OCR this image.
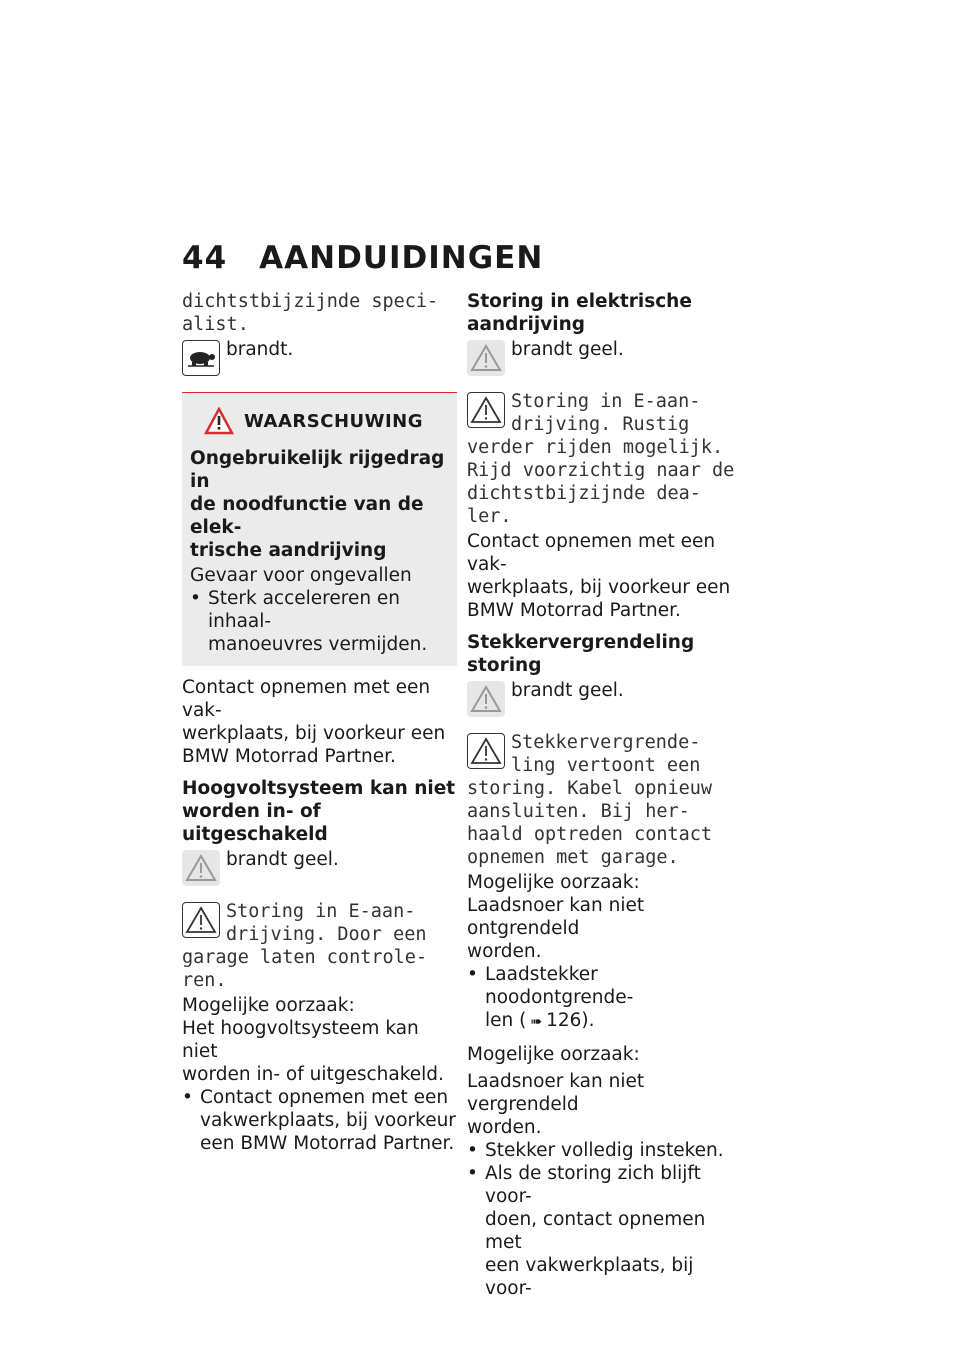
44 AANDUIDINGEN
dichtstbijzijnde speci-
alist.
brandt.
WAARSCHUWING
Ongebruikelijk rijgedrag in
de noodfunctie van de elek-
trische aandrijving
Gevaar voor ongevallen
• Sterk accelereren en inhaal-
manoeuvres vermijden.
Contact opnemen met een vak-
werkplaats, bij voorkeur een
BMW Motorrad Partner.
Hoogvoltsysteem kan niet
worden in- of uitgeschakeld
brandt geel.
Storing in E-aan-
drijving. Door een
garage laten controle-
ren.
Mogelijke oorzaak:
Het hoogvoltsysteem kan niet
worden in- of uitgeschakeld.
• Contact opnemen met een
vakwerkplaats, bij voorkeur
een BMW Motorrad Partner.
Storing in elektrische
aandrijving
brandt geel.
Storing in E-aan-
drijving. Rustig
verder rijden mogelijk.
Rijd voorzichtig naar de
dichtstbijzijnde dea-
ler.
Contact opnemen met een vak-
werkplaats, bij voorkeur een
BMW Motorrad Partner.
Stekkervergrendeling storing
brandt geel.
Stekkervergrende-
ling vertoont een
storing. Kabel opnieuw
aansluiten. Bij her-
haald optreden contact
opnemen met garage.
Mogelijke oorzaak:
Laadsnoer kan niet ontgrendeld
worden.
• Laadstekker noodontgrende-
len ( ➠ 126).
Mogelijke oorzaak:
Laadsnoer kan niet vergrendeld
worden.
• Stekker volledig insteken.
• Als de storing zich blijft voor-
doen, contact opnemen met
een vakwerkplaats, bij voor-
